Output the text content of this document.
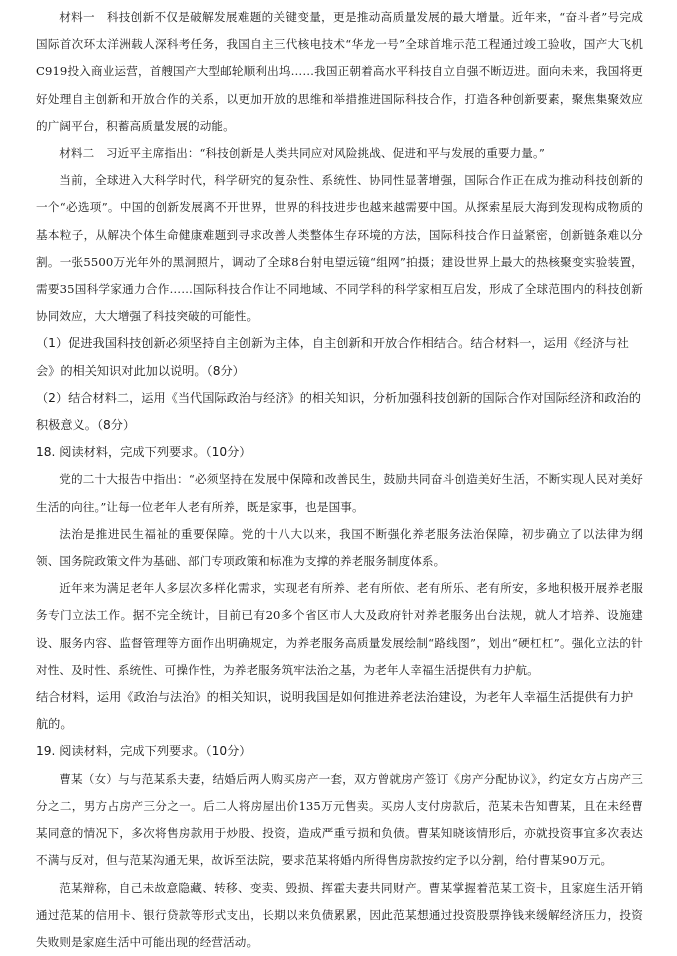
材料一　科技创新不仅是破解发展难题的关键变量，更是推动高质量发展的最大增量。近年来，“奋斗者”号完成国际首次环太洋洲载人深科考任务，我国自主三代核电技术“华龙一号”全球首堆示范工程通过竣工验收，国产大飞机C919投入商业运营，首艘国产大型邮轮顺利出坞……我国正朝着高水平科技自立自强不断迈进。面向未来，我国将更好处理自主创新和开放合作的关系，以更加开放的思维和举措推进国际科技合作，打造各种创新要素，聚焦集聚效应的广阔平台，积蓄高质量发展的动能。

材料二　习近平主席指出：“科技创新是人类共同应对风险挑战、促进和平与发展的重要力量。”

当前，全球进入大科学时代，科学研究的复杂性、系统性、协同性显著增强，国际合作正在成为推动科技创新的一个“必选项”。中国的创新发展离不开世界，世界的科技进步也越来越需要中国。从探索星辰大海到发现构成物质的基本粒子，从解决个体生命健康难题到寻求改善人类整体生存环境的方法，国际科技合作日益紧密，创新链条难以分割。一张5500万光年外的黑洞照片，调动了全球8台射电望远镜“组网”拍摄；建设世界上最大的热核聚变实验装置，需要35国科学家通力合作……国际科技合作让不同地域、不同学科的科学家相互启发，形成了全球范围内的科技创新协同效应，大大增强了科技突破的可能性。

（1）促进我国科技创新必须坚持自主创新为主体，自主创新和开放合作相结合。结合材料一，运用《经济与社会》的相关知识对此加以说明。（8分）

（2）结合材料二，运用《当代国际政治与经济》的相关知识，分析加强科技创新的国际合作对国际经济和政治的积极意义。（8分）

18. 阅读材料，完成下列要求。（10分）

党的二十大报告中指出：“必须坚持在发展中保障和改善民生，鼓励共同奋斗创造美好生活，不断实现人民对美好生活的向往。”让每一位老年人老有所养，既是家事，也是国事。

法治是推进民生福祉的重要保障。党的十八大以来，我国不断强化养老服务法治保障，初步确立了以法律为纲领、国务院政策文件为基础、部门专项政策和标准为支撑的养老服务制度体系。

近年来为满足老年人多层次多样化需求，实现老有所养、老有所依、老有所乐、老有所安，多地积极开展养老服务专门立法工作。据不完全统计，目前已有20多个省区市人大及政府针对养老服务出台法规，就人才培养、设施建设、服务内容、监督管理等方面作出明确规定，为养老服务高质量发展绘制“路线图”，划出“硬杠杠”。强化立法的针对性、及时性、系统性、可操作性，为养老服务筑牢法治之基，为老年人幸福生活提供有力护航。

结合材料，运用《政治与法治》的相关知识，说明我国是如何推进养老法治建设，为老年人幸福生活提供有力护航的。

19. 阅读材料，完成下列要求。（10分）

曹某（女）与与范某系夫妻，结婚后两人购买房产一套，双方曾就房产签订《房产分配协议》，约定女方占房产三分之二，男方占房产三分之一。后二人将房屋出价135万元售卖。买房人支付房款后，范某未告知曹某，且在未经曹某同意的情况下，多次将售房款用于炒股、投资，造成严重亏损和负债。曹某知晓该情形后，亦就投资事宜多次表达不满与反对，但与范某沟通无果，故诉至法院，要求范某将婚内所得售房款按约定予以分割，给付曹某90万元。

范某辩称，自己未故意隐藏、转移、变卖、毁损、挥霍夫妻共同财产。曹某掌握着范某工资卡，且家庭生活开销通过范某的信用卡、银行贷款等形式支出，长期以来负债累累，因此范某想通过投资股票挣钱来缓解经济压力，投资失败则是家庭生活中可能出现的经营活动。
